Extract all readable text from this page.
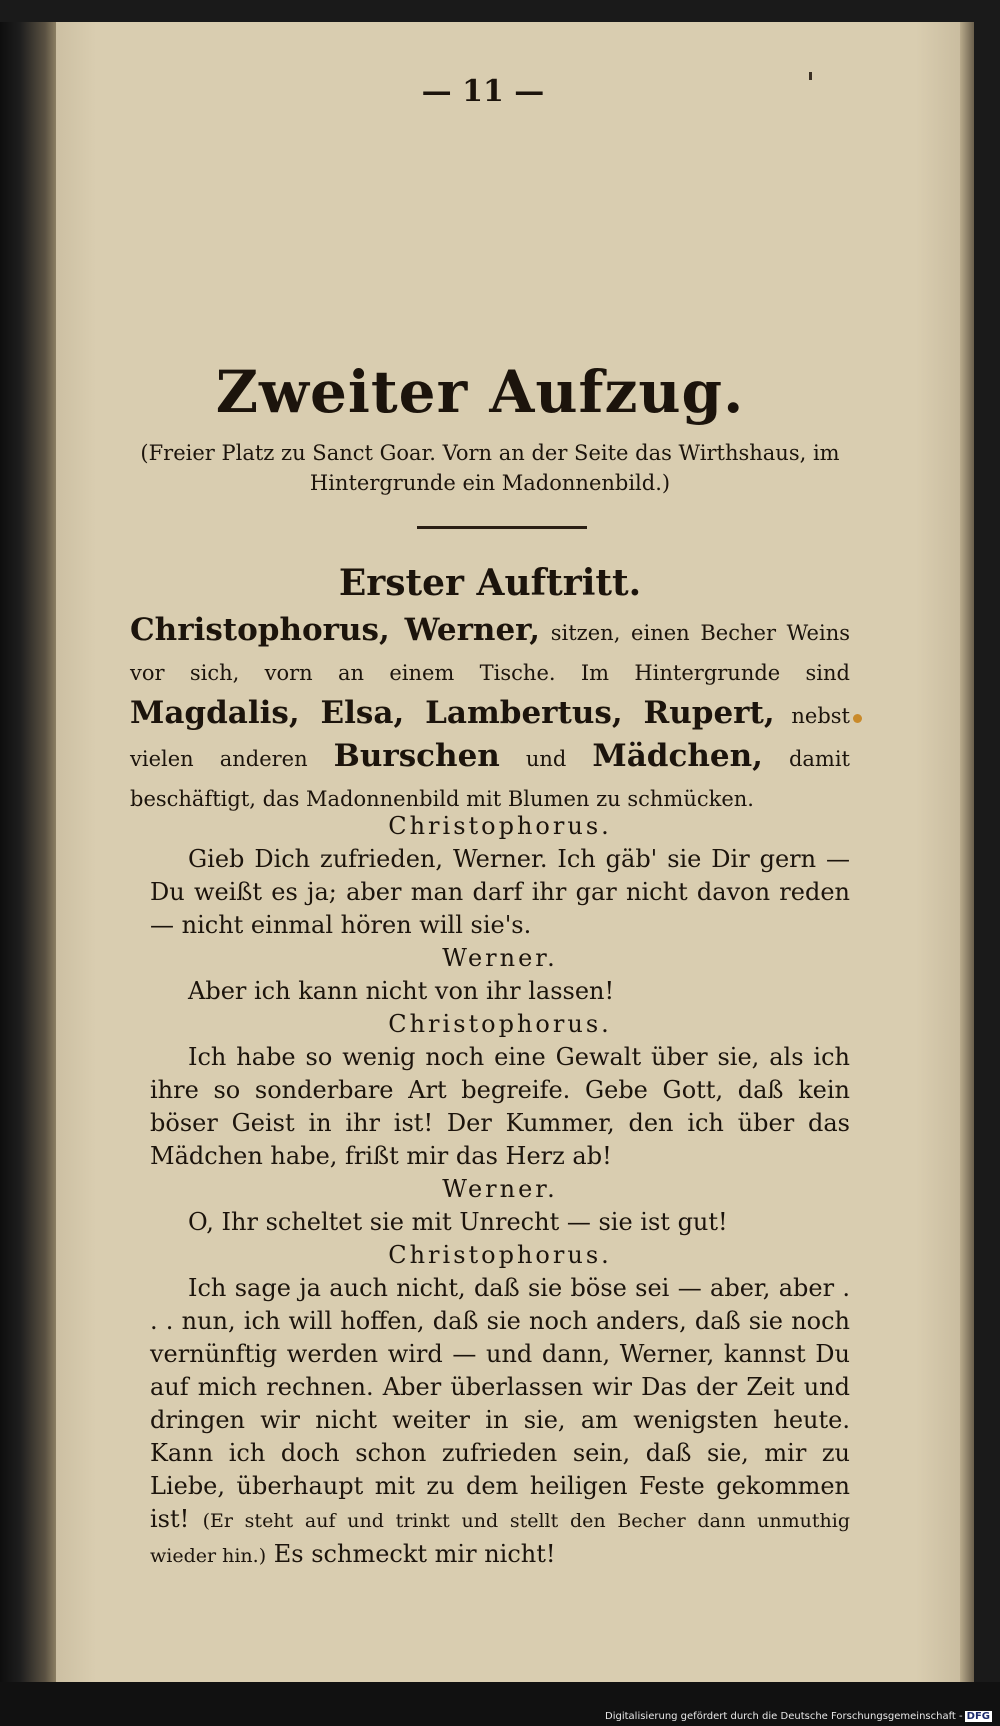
— 11 —
Zweiter Aufzug.
(Freier Platz zu Sanct Goar. Vorn an der Seite das Wirthshaus, im Hintergrunde ein Madonnenbild.)
Erster Auftritt.
Christophorus, Werner, sitzen, einen Becher Weins vor sich, vorn an einem Tische. Im Hintergrunde sind Magdalis, Elsa, Lambertus, Rupert, nebst vielen anderen Burschen und Mädchen, damit beschäftigt, das Madonnenbild mit Blumen zu schmücken.
Christophorus.

Gieb Dich zufrieden, Werner. Ich gäb' sie Dir gern — Du weißt es ja; aber man darf ihr gar nicht davon reden — nicht einmal hören will sie's.

Werner.

Aber ich kann nicht von ihr lassen!

Christophorus.

Ich habe so wenig noch eine Gewalt über sie, als ich ihre so sonderbare Art begreife. Gebe Gott, daß kein böser Geist in ihr ist! Der Kummer, den ich über das Mädchen habe, frißt mir das Herz ab!

Werner.

O, Ihr scheltet sie mit Unrecht — sie ist gut!

Christophorus.

Ich sage ja auch nicht, daß sie böse sei — aber, aber . . . nun, ich will hoffen, daß sie noch anders, daß sie noch vernünftig werden wird — und dann, Werner, kannst Du auf mich rechnen. Aber überlassen wir Das der Zeit und dringen wir nicht weiter in sie, am wenigsten heute. Kann ich doch schon zufrieden sein, daß sie, mir zu Liebe, überhaupt mit zu dem heiligen Feste gekommen ist! (Er steht auf und trinkt und stellt den Becher dann unmuthig wieder hin.) Es schmeckt mir nicht!

Digitalisierung gefördert durch die Deutsche Forschungsgemeinschaft - DFG
